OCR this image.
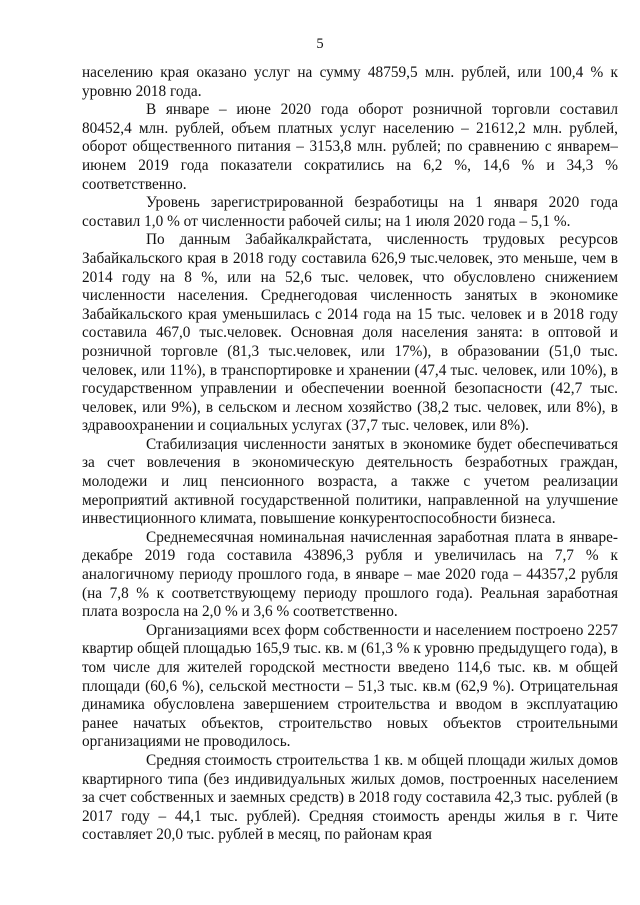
5

населению края оказано услуг на сумму 48759,5 млн. рублей, или 100,4 % к уровню 2018 года.

В январе – июне 2020 года оборот розничной торговли составил 80452,4 млн. рублей, объем платных услуг населению – 21612,2 млн. рублей, оборот общественного питания – 3153,8 млн. рублей; по сравнению с январем–июнем 2019 года показатели сократились на 6,2 %, 14,6 % и 34,3 % соответственно.

Уровень зарегистрированной безработицы на 1 января 2020 года составил 1,0 % от численности рабочей силы; на 1 июля 2020 года – 5,1 %.

По данным Забайкалкрайстата, численность трудовых ресурсов Забайкальского края в 2018 году составила 626,9 тыс.человек, это меньше, чем в 2014 году на 8 %, или на 52,6 тыс. человек, что обусловлено снижением численности населения. Среднегодовая численность занятых в экономике Забайкальского края уменьшилась с 2014 года на 15 тыс. человек и в 2018 году составила 467,0 тыс.человек. Основная доля населения занята: в оптовой и розничной торговле (81,3 тыс.человек, или 17%), в образовании (51,0 тыс. человек, или 11%), в транспортировке и хранении (47,4 тыс. человек, или 10%), в государственном управлении и обеспечении военной безопасности (42,7 тыс. человек, или 9%), в сельском и лесном хозяйство (38,2 тыс. человек, или 8%), в здравоохранении и социальных услугах (37,7 тыс. человек, или 8%).

Стабилизация численности занятых в экономике будет обеспечиваться за счет вовлечения в экономическую деятельность безработных граждан, молодежи и лиц пенсионного возраста, а также с учетом реализации мероприятий активной государственной политики, направленной на улучшение инвестиционного климата, повышение конкурентоспособности бизнеса.

Среднемесячная номинальная начисленная заработная плата в январе-декабре 2019 года составила 43896,3 рубля и увеличилась на 7,7 % к аналогичному периоду прошлого года, в январе – мае 2020 года – 44357,2 рубля (на 7,8 % к соответствующему периоду прошлого года). Реальная заработная плата возросла на 2,0 % и 3,6 % соответственно.

Организациями всех форм собственности и населением построено 2257 квартир общей площадью 165,9 тыс. кв. м (61,3 % к уровню предыдущего года), в том числе для жителей городской местности введено 114,6 тыс. кв. м общей площади (60,6 %), сельской местности – 51,3 тыс. кв.м (62,9 %). Отрицательная динамика обусловлена завершением строительства и вводом в эксплуатацию ранее начатых объектов, строительство новых объектов строительными организациями не проводилось.

Средняя стоимость строительства 1 кв. м общей площади жилых домов квартирного типа (без индивидуальных жилых домов, построенных населением за счет собственных и заемных средств) в 2018 году составила 42,3 тыс. рублей (в 2017 году – 44,1 тыс. рублей). Средняя стоимость аренды жилья в г. Чите составляет 20,0 тыс. рублей в месяц, по районам края
